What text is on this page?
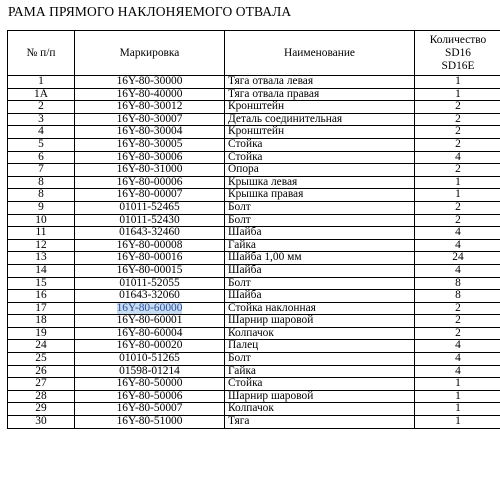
РАМА ПРЯМОГО НАКЛОНЯЕМОГО ОТВАЛА
№ п/п	Маркировка	Наименование	Количество
SD16
SD16E

1	16Y-80-30000	Тяга отвала левая	1
1A	16Y-80-40000	Тяга отвала правая	1
2	16Y-80-30012	Кронштейн	2
3	16Y-80-30007	Деталь соединительная	2
4	16Y-80-30004	Кронштейн	2
5	16Y-80-30005	Стойка	2
6	16Y-80-30006	Стойка	4
7	16Y-80-31000	Опора	2
8	16Y-80-00006	Крышка левая	1
8	16Y-80-00007	Крышка правая	1
9	01011-52465	Болт	2
10	01011-52430	Болт	2
11	01643-32460	Шайба	4
12	16Y-80-00008	Гайка	4
13	16Y-80-00016	Шайба 1,00 мм	24
14	16Y-80-00015	Шайба	4
15	01011-52055	Болт	8
16	01643-32060	Шайба	8
17	16Y-80-60000	Стойка наклонная	2
18	16Y-80-60001	Шарнир шаровой	2
19	16Y-80-60004	Колпачок	2
24	16Y-80-00020	Палец	4
25	01010-51265	Болт	4
26	01598-01214	Гайка	4
27	16Y-80-50000	Стойка	1
28	16Y-80-50006	Шарнир шаровой	1
29	16Y-80-50007	Колпачок	1
30	16Y-80-51000	Тяга	1
